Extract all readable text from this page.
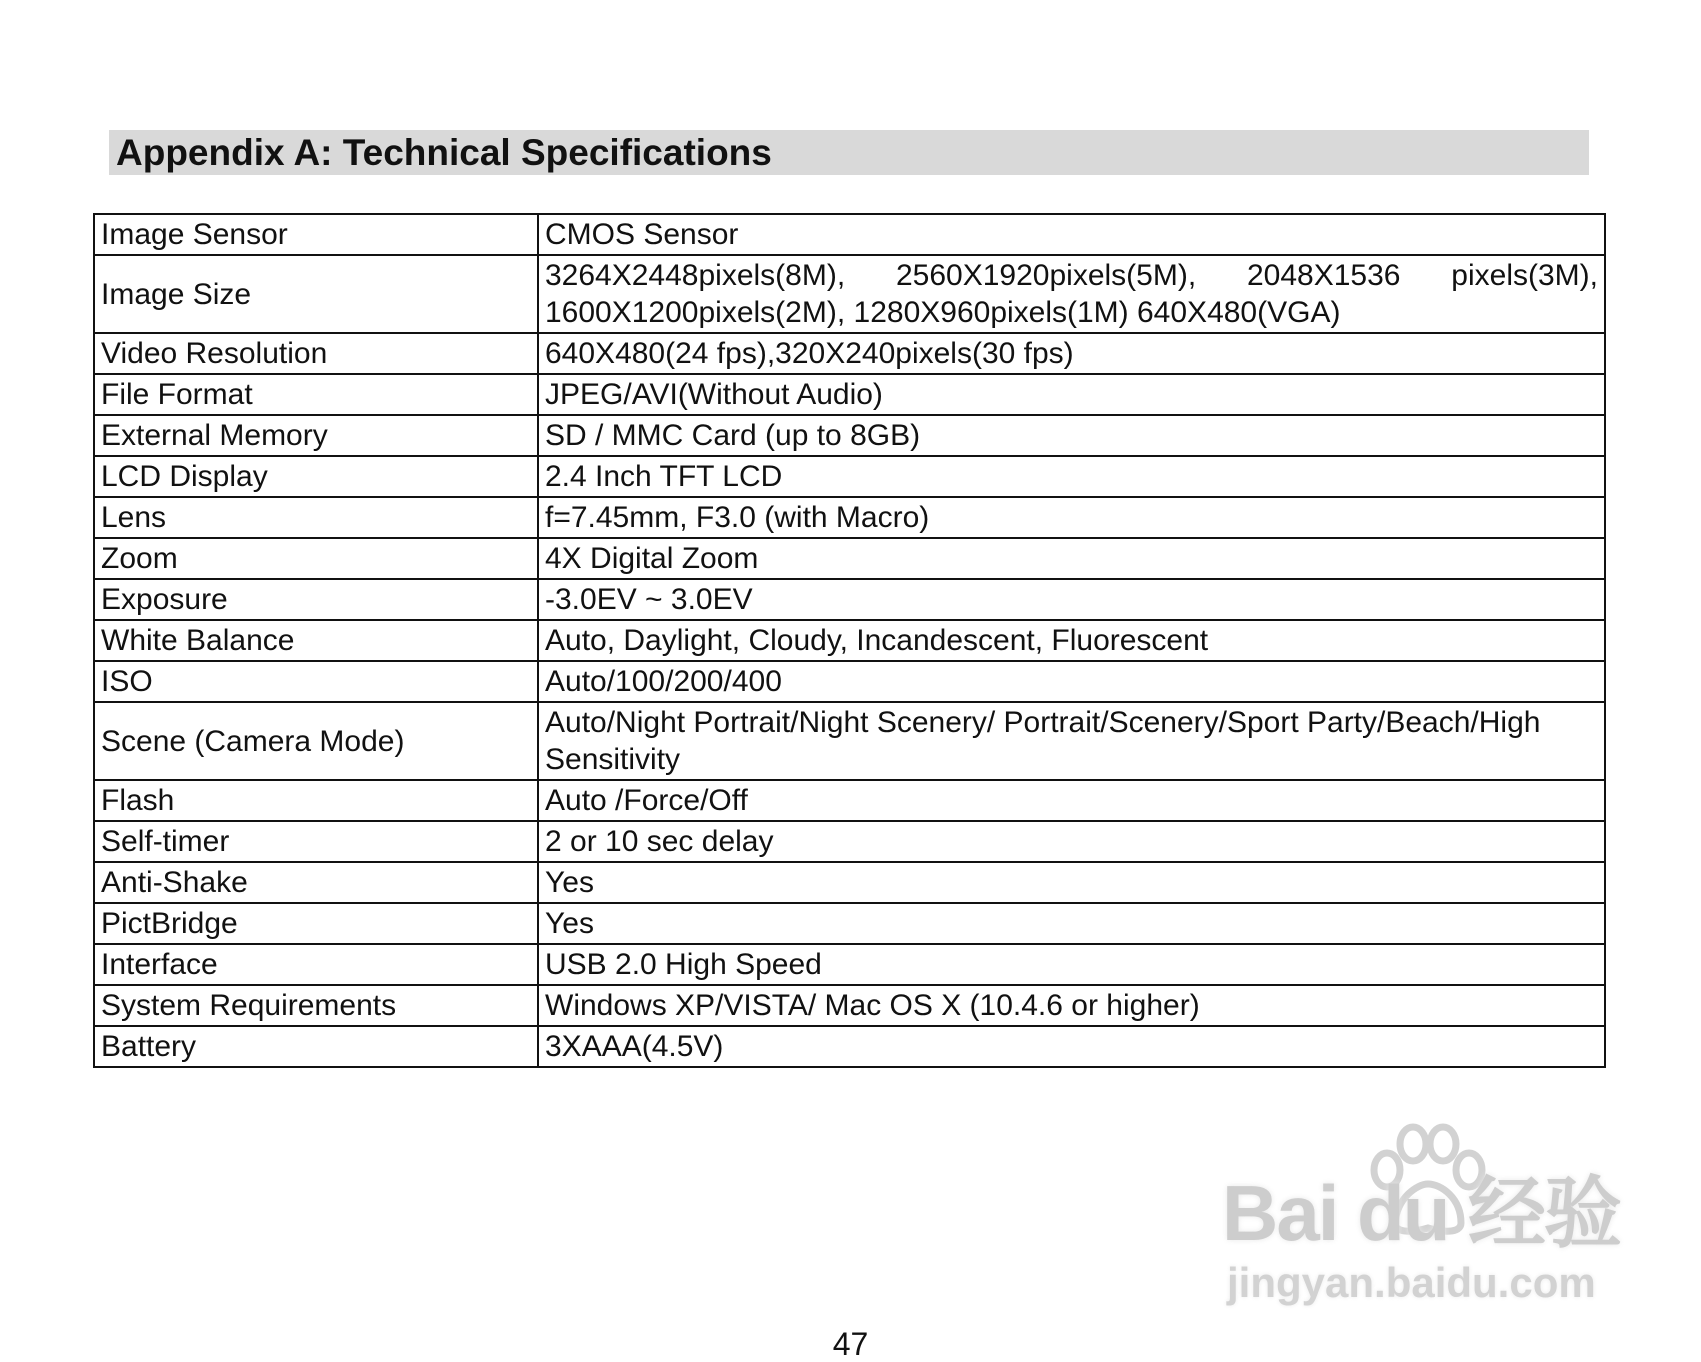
Appendix A: Technical Specifications
Image Sensor	CMOS Sensor
Image Size	3264X2448pixels(8M), 2560X1920pixels(5M), 2048X1536 pixels(3M), 1600X1200pixels(2M), 1280X960pixels(1M) 640X480(VGA)
Video Resolution	640X480(24 fps),320X240pixels(30 fps)
File Format	JPEG/AVI(Without Audio)
External Memory	SD / MMC Card (up to 8GB)
LCD Display	2.4 Inch TFT LCD
Lens	f=7.45mm, F3.0 (with Macro)
Zoom	4X Digital Zoom
Exposure	-3.0EV ~ 3.0EV
White Balance	Auto, Daylight, Cloudy, Incandescent, Fluorescent
ISO	Auto/100/200/400
Scene (Camera Mode)	Auto/Night Portrait/Night Scenery/ Portrait/Scenery/Sport Party/Beach/High Sensitivity
Flash	Auto /Force/Off
Self-timer	2 or 10 sec delay
Anti-Shake	Yes
PictBridge	Yes
Interface	USB 2.0 High Speed
System Requirements	Windows XP/VISTA/ Mac OS X (10.4.6 or higher)
Battery	3XAAA(4.5V)
Bai du 经验
jingyan.baidu.com
47
